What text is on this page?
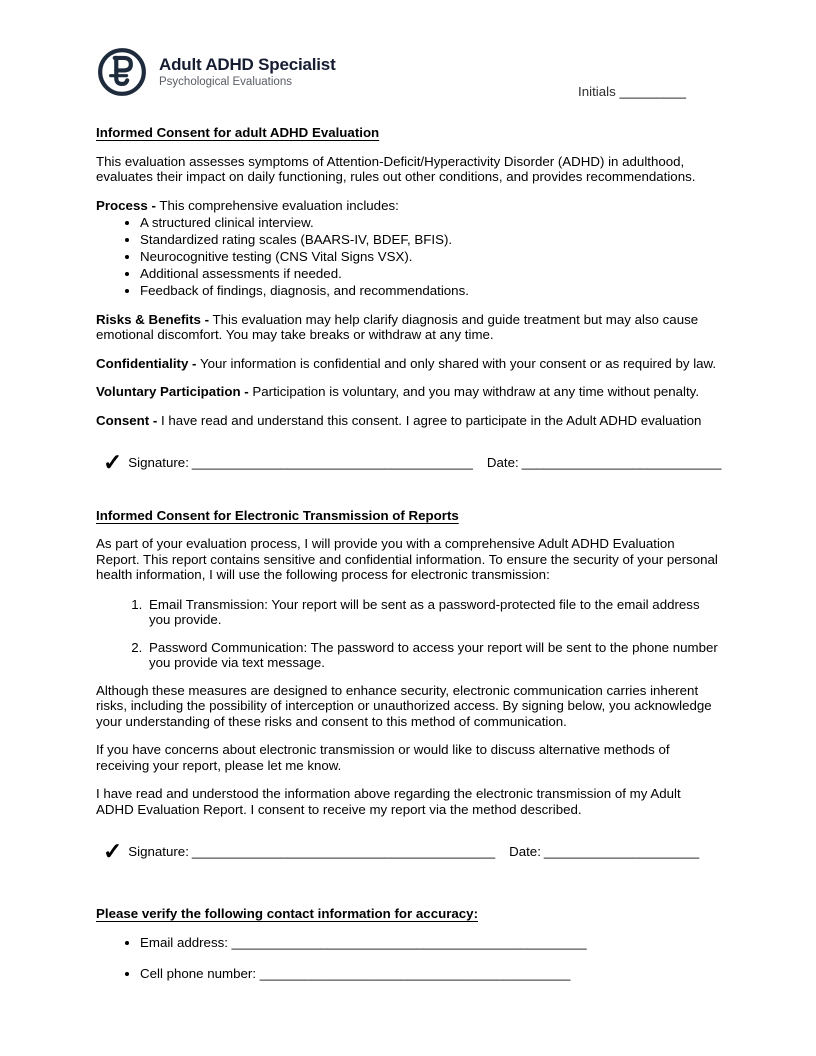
Adult ADHD Specialist
Psychological Evaluations
Initials _________
Informed Consent for adult ADHD Evaluation

This evaluation assesses symptoms of Attention-Deficit/Hyperactivity Disorder (ADHD) in adulthood, evaluates their impact on daily functioning, rules out other conditions, and provides recommendations.

Process - This comprehensive evaluation includes:

• A structured clinical interview.
• Standardized rating scales (BAARS-IV, BDEF, BFIS).
• Neurocognitive testing (CNS Vital Signs VSX).
• Additional assessments if needed.
• Feedback of findings, diagnosis, and recommendations.

Risks & Benefits - This evaluation may help clarify diagnosis and guide treatment but may also cause emotional discomfort. You may take breaks or withdraw at any time.

Confidentiality - Your information is confidential and only shared with your consent or as required by law.

Voluntary Participation - Participation is voluntary, and you may withdraw at any time without penalty.

Consent - I have read and understand this consent. I agree to participate in the Adult ADHD evaluation

✓ Signature: ______________________________________ Date: ___________________________
Informed Consent for Electronic Transmission of Reports

As part of your evaluation process, I will provide you with a comprehensive Adult ADHD Evaluation Report. This report contains sensitive and confidential information. To ensure the security of your personal health information, I will use the following process for electronic transmission:

1. Email Transmission: Your report will be sent as a password-protected file to the email address you provide.
2. Password Communication: The password to access your report will be sent to the phone number you provide via text message.

Although these measures are designed to enhance security, electronic communication carries inherent risks, including the possibility of interception or unauthorized access. By signing below, you acknowledge your understanding of these risks and consent to this method of communication.

If you have concerns about electronic transmission or would like to discuss alternative methods of receiving your report, please let me know.

I have read and understood the information above regarding the electronic transmission of my Adult ADHD Evaluation Report. I consent to receive my report via the method described.

✓ Signature: _________________________________________ Date: _____________________
Please verify the following contact information for accuracy:
• Email address: ________________________________________________
• Cell phone number: __________________________________________
